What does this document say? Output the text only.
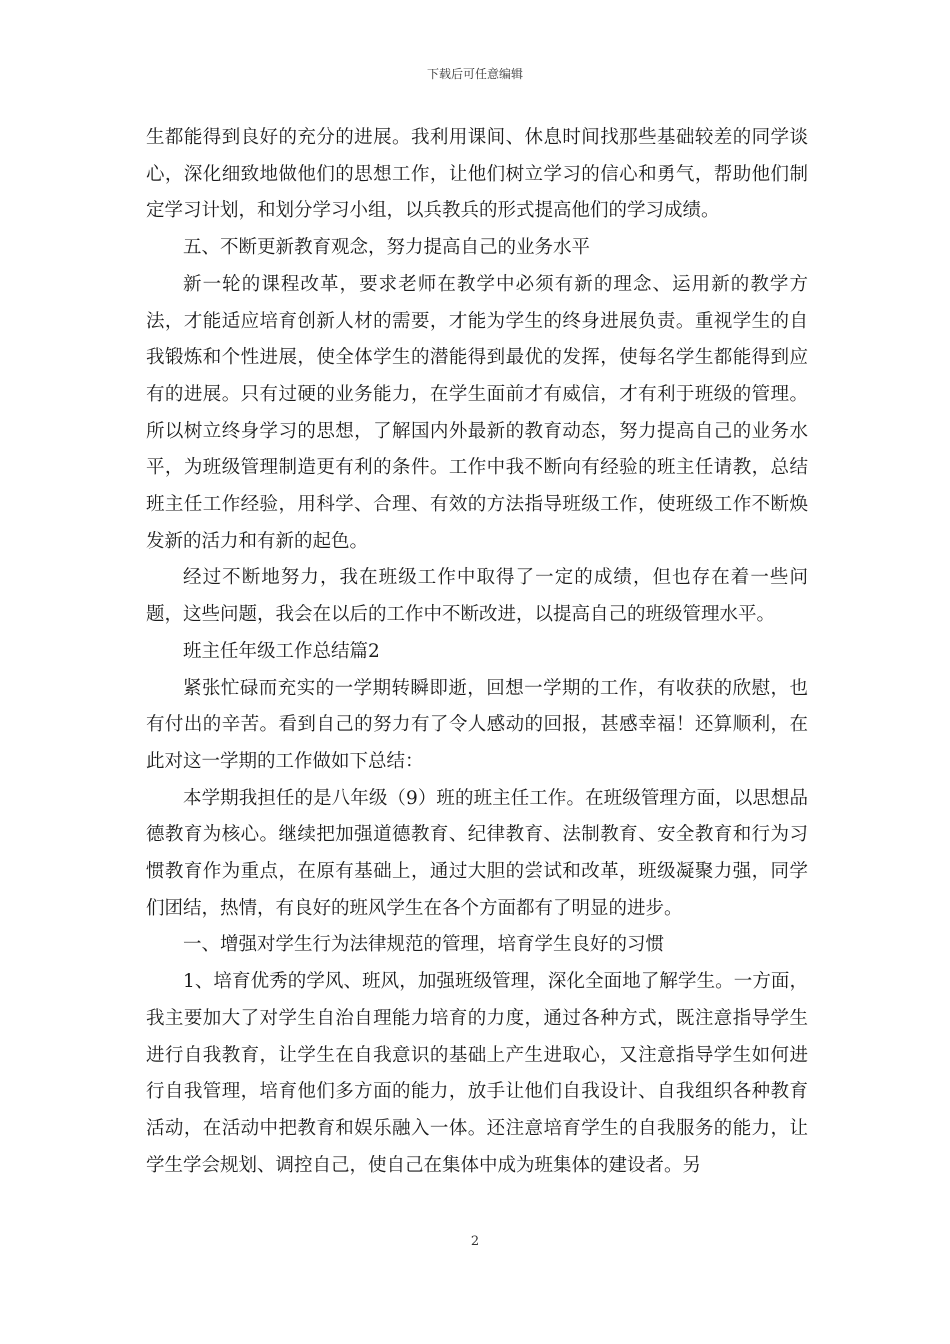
下载后可任意编辑

生都能得到良好的充分的进展。我利用课间、休息时间找那些基础较差的同学谈心，深化细致地做他们的思想工作，让他们树立学习的信心和勇气，帮助他们制定学习计划，和划分学习小组，以兵教兵的形式提高他们的学习成绩。

五、不断更新教育观念，努力提高自己的业务水平

新一轮的课程改革，要求老师在教学中必须有新的理念、运用新的教学方法，才能适应培育创新人材的需要，才能为学生的终身进展负责。重视学生的自我锻炼和个性进展，使全体学生的潜能得到最优的发挥，使每名学生都能得到应有的进展。只有过硬的业务能力，在学生面前才有威信，才有利于班级的管理。所以树立终身学习的思想，了解国内外最新的教育动态，努力提高自己的业务水平，为班级管理制造更有利的条件。工作中我不断向有经验的班主任请教，总结班主任工作经验，用科学、合理、有效的方法指导班级工作，使班级工作不断焕发新的活力和有新的起色。

经过不断地努力，我在班级工作中取得了一定的成绩，但也存在着一些问题，这些问题，我会在以后的工作中不断改进，以提高自己的班级管理水平。

班主任年级工作总结篇2

紧张忙碌而充实的一学期转瞬即逝，回想一学期的工作，有收获的欣慰，也有付出的辛苦。看到自己的努力有了令人感动的回报，甚感幸福！还算顺利，在此对这一学期的工作做如下总结：

本学期我担任的是八年级（9）班的班主任工作。在班级管理方面，以思想品德教育为核心。继续把加强道德教育、纪律教育、法制教育、安全教育和行为习惯教育作为重点，在原有基础上，通过大胆的尝试和改革，班级凝聚力强，同学们团结，热情，有良好的班风学生在各个方面都有了明显的进步。

一、增强对学生行为法律规范的管理，培育学生良好的习惯

1、培育优秀的学风、班风，加强班级管理，深化全面地了解学生。一方面，我主要加大了对学生自治自理能力培育的力度，通过各种方式，既注意指导学生进行自我教育，让学生在自我意识的基础上产生进取心，又注意指导学生如何进行自我管理，培育他们多方面的能力，放手让他们自我设计、自我组织各种教育活动，在活动中把教育和娱乐融入一体。还注意培育学生的自我服务的能力，让学生学会规划、调控自己，使自己在集体中成为班集体的建设者。另

2
